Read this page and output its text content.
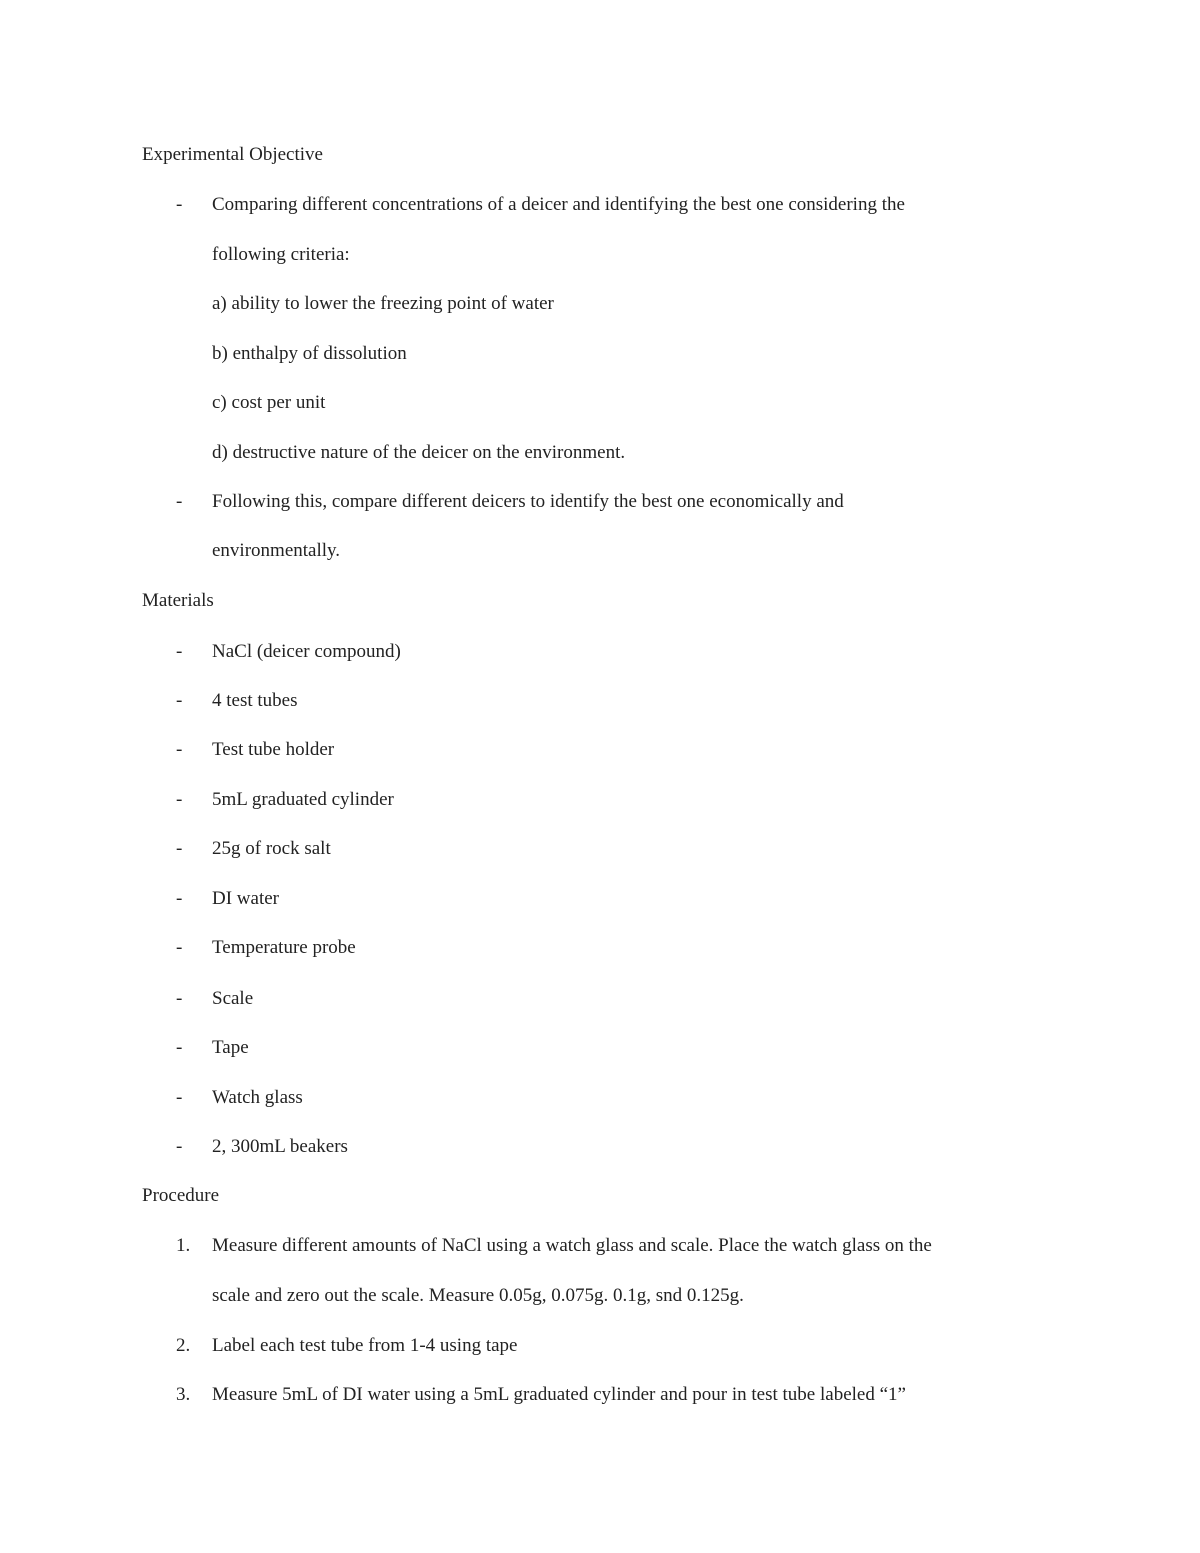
Experimental Objective
- Comparing different concentrations of a deicer and identifying the best one considering the
following criteria:
a) ability to lower the freezing point of water
b) enthalpy of dissolution
c) cost per unit
d) destructive nature of the deicer on the environment.
- Following this, compare different deicers to identify the best one economically and
environmentally.
Materials
- NaCl (deicer compound)
- 4 test tubes
- Test tube holder
- 5mL graduated cylinder
- 25g of rock salt
- DI water
- Temperature probe
- Scale
- Tape
- Watch glass
- 2, 300mL beakers
Procedure
1. Measure different amounts of NaCl using a watch glass and scale. Place the watch glass on the
scale and zero out the scale. Measure 0.05g, 0.075g. 0.1g, snd 0.125g.
2. Label each test tube from 1-4 using tape
3. Measure 5mL of DI water using a 5mL graduated cylinder and pour in test tube labeled “1”
